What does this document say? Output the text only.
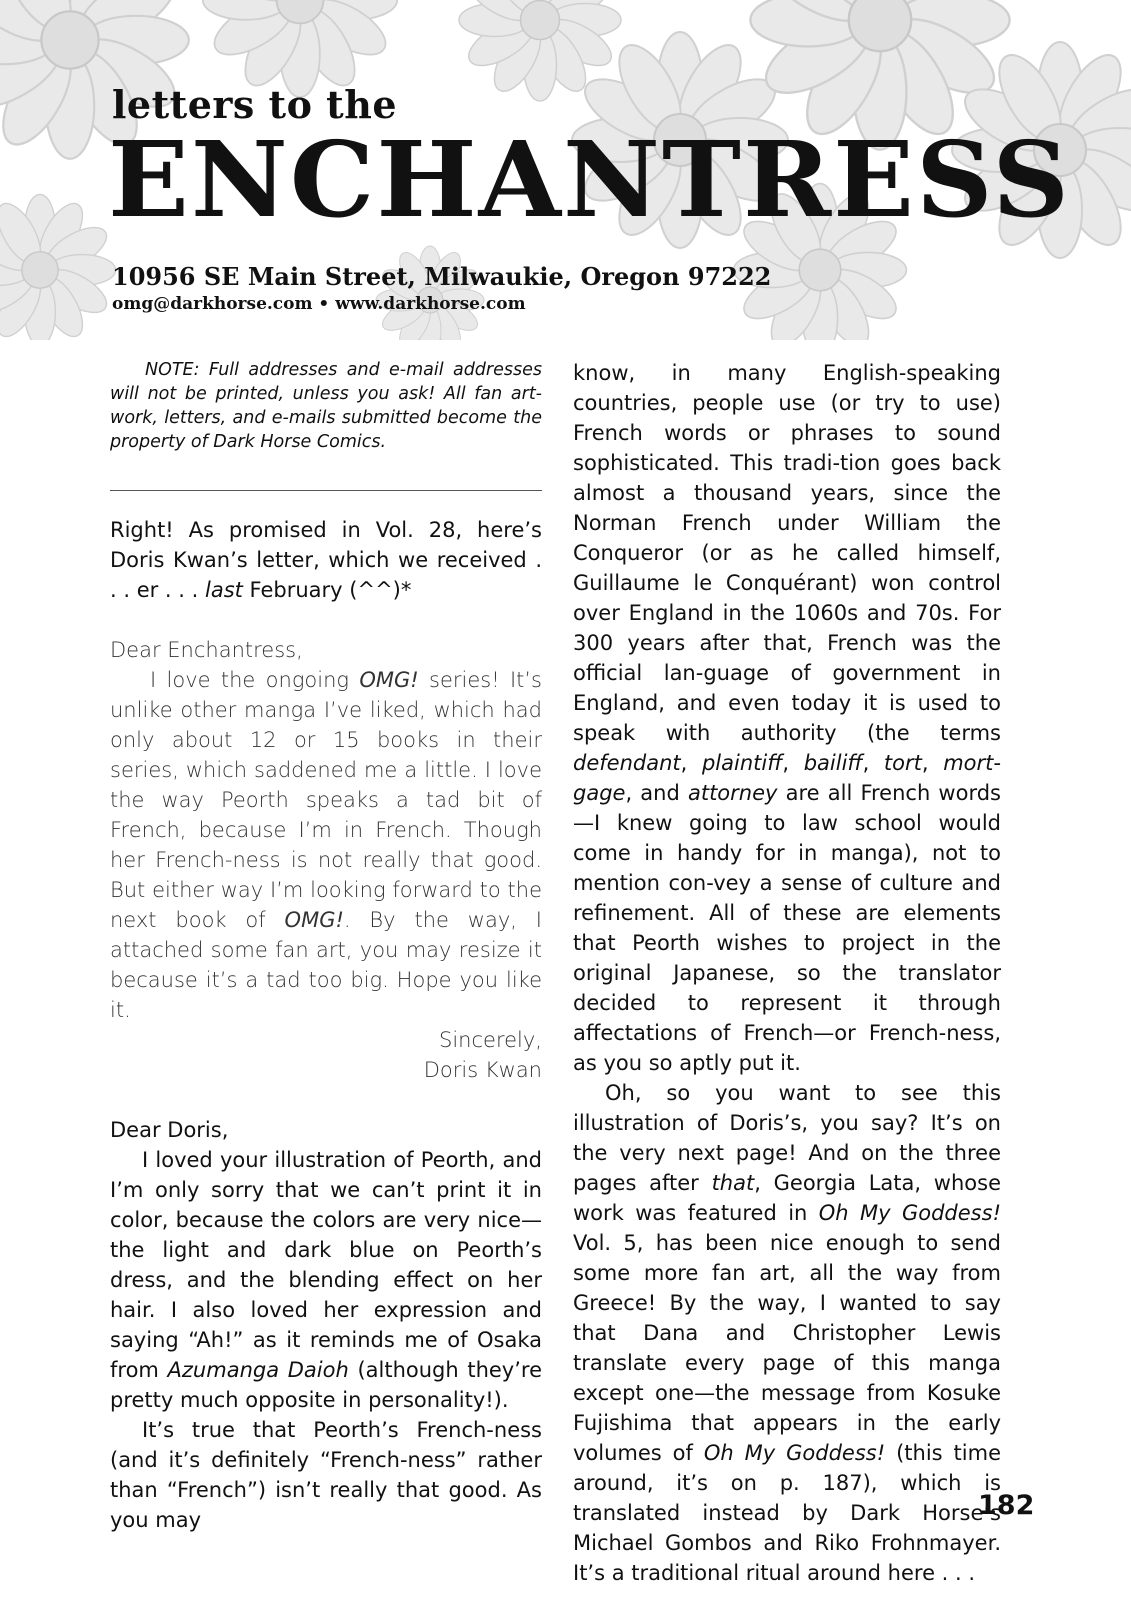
letters to the
ENCHANTRESS
10956 SE Main Street, Milwaukie, Oregon 97222
omg@darkhorse.com • www.darkhorse.com

NOTE: Full addresses and e-mail addresses will not be printed, unless you ask! All fan art-work, letters, and e-mails submitted become the property of Dark Horse Comics.

Right! As promised in Vol. 28, here’s Doris Kwan’s letter, which we received . . . er . . . last February (^^)*

Dear Enchantress,

I love the ongoing OMG! series! It’s unlike other manga I’ve liked, which had only about 12 or 15 books in their series, which saddened me a little. I love the way Peorth speaks a tad bit of French, because I’m in French. Though her French-ness is not really that good. But either way I’m looking forward to the next book of OMG!. By the way, I attached some fan art, you may resize it because it’s a tad too big. Hope you like it.

Sincerely,

Doris Kwan

Dear Doris,

I loved your illustration of Peorth, and I’m only sorry that we can’t print it in color, because the colors are very nice—the light and dark blue on Peorth’s dress, and the blending effect on her hair. I also loved her expression and saying “Ah!” as it reminds me of Osaka from Azumanga Daioh (although they’re pretty much opposite in personality!).

It’s true that Peorth’s French-ness (and it’s definitely “French-ness” rather than “French”) isn’t really that good. As you may

know, in many English-speaking countries, people use (or try to use) French words or phrases to sound sophisticated. This tradi-tion goes back almost a thousand years, since the Norman French under William the Conqueror (or as he called himself, Guillaume le Conquérant) won control over England in the 1060s and 70s. For 300 years after that, French was the official lan-guage of government in England, and even today it is used to speak with authority (the terms defendant, plaintiff, bailiff, tort, mort-gage, and attorney are all French words—I knew going to law school would come in handy for in manga), not to mention con-vey a sense of culture and refinement. All of these are elements that Peorth wishes to project in the original Japanese, so the translator decided to represent it through affectations of French—or French-ness, as you so aptly put it.

Oh, so you want to see this illustration of Doris’s, you say? It’s on the very next page! And on the three pages after that, Georgia Lata, whose work was featured in Oh My Goddess! Vol. 5, has been nice enough to send some more fan art, all the way from Greece! By the way, I wanted to say that Dana and Christopher Lewis translate every page of this manga except one—the message from Kosuke Fujishima that appears in the early volumes of Oh My Goddess! (this time around, it’s on p. 187), which is translated instead by Dark Horse’s Michael Gombos and Riko Frohnmayer. It’s a traditional ritual around here . . .

182
